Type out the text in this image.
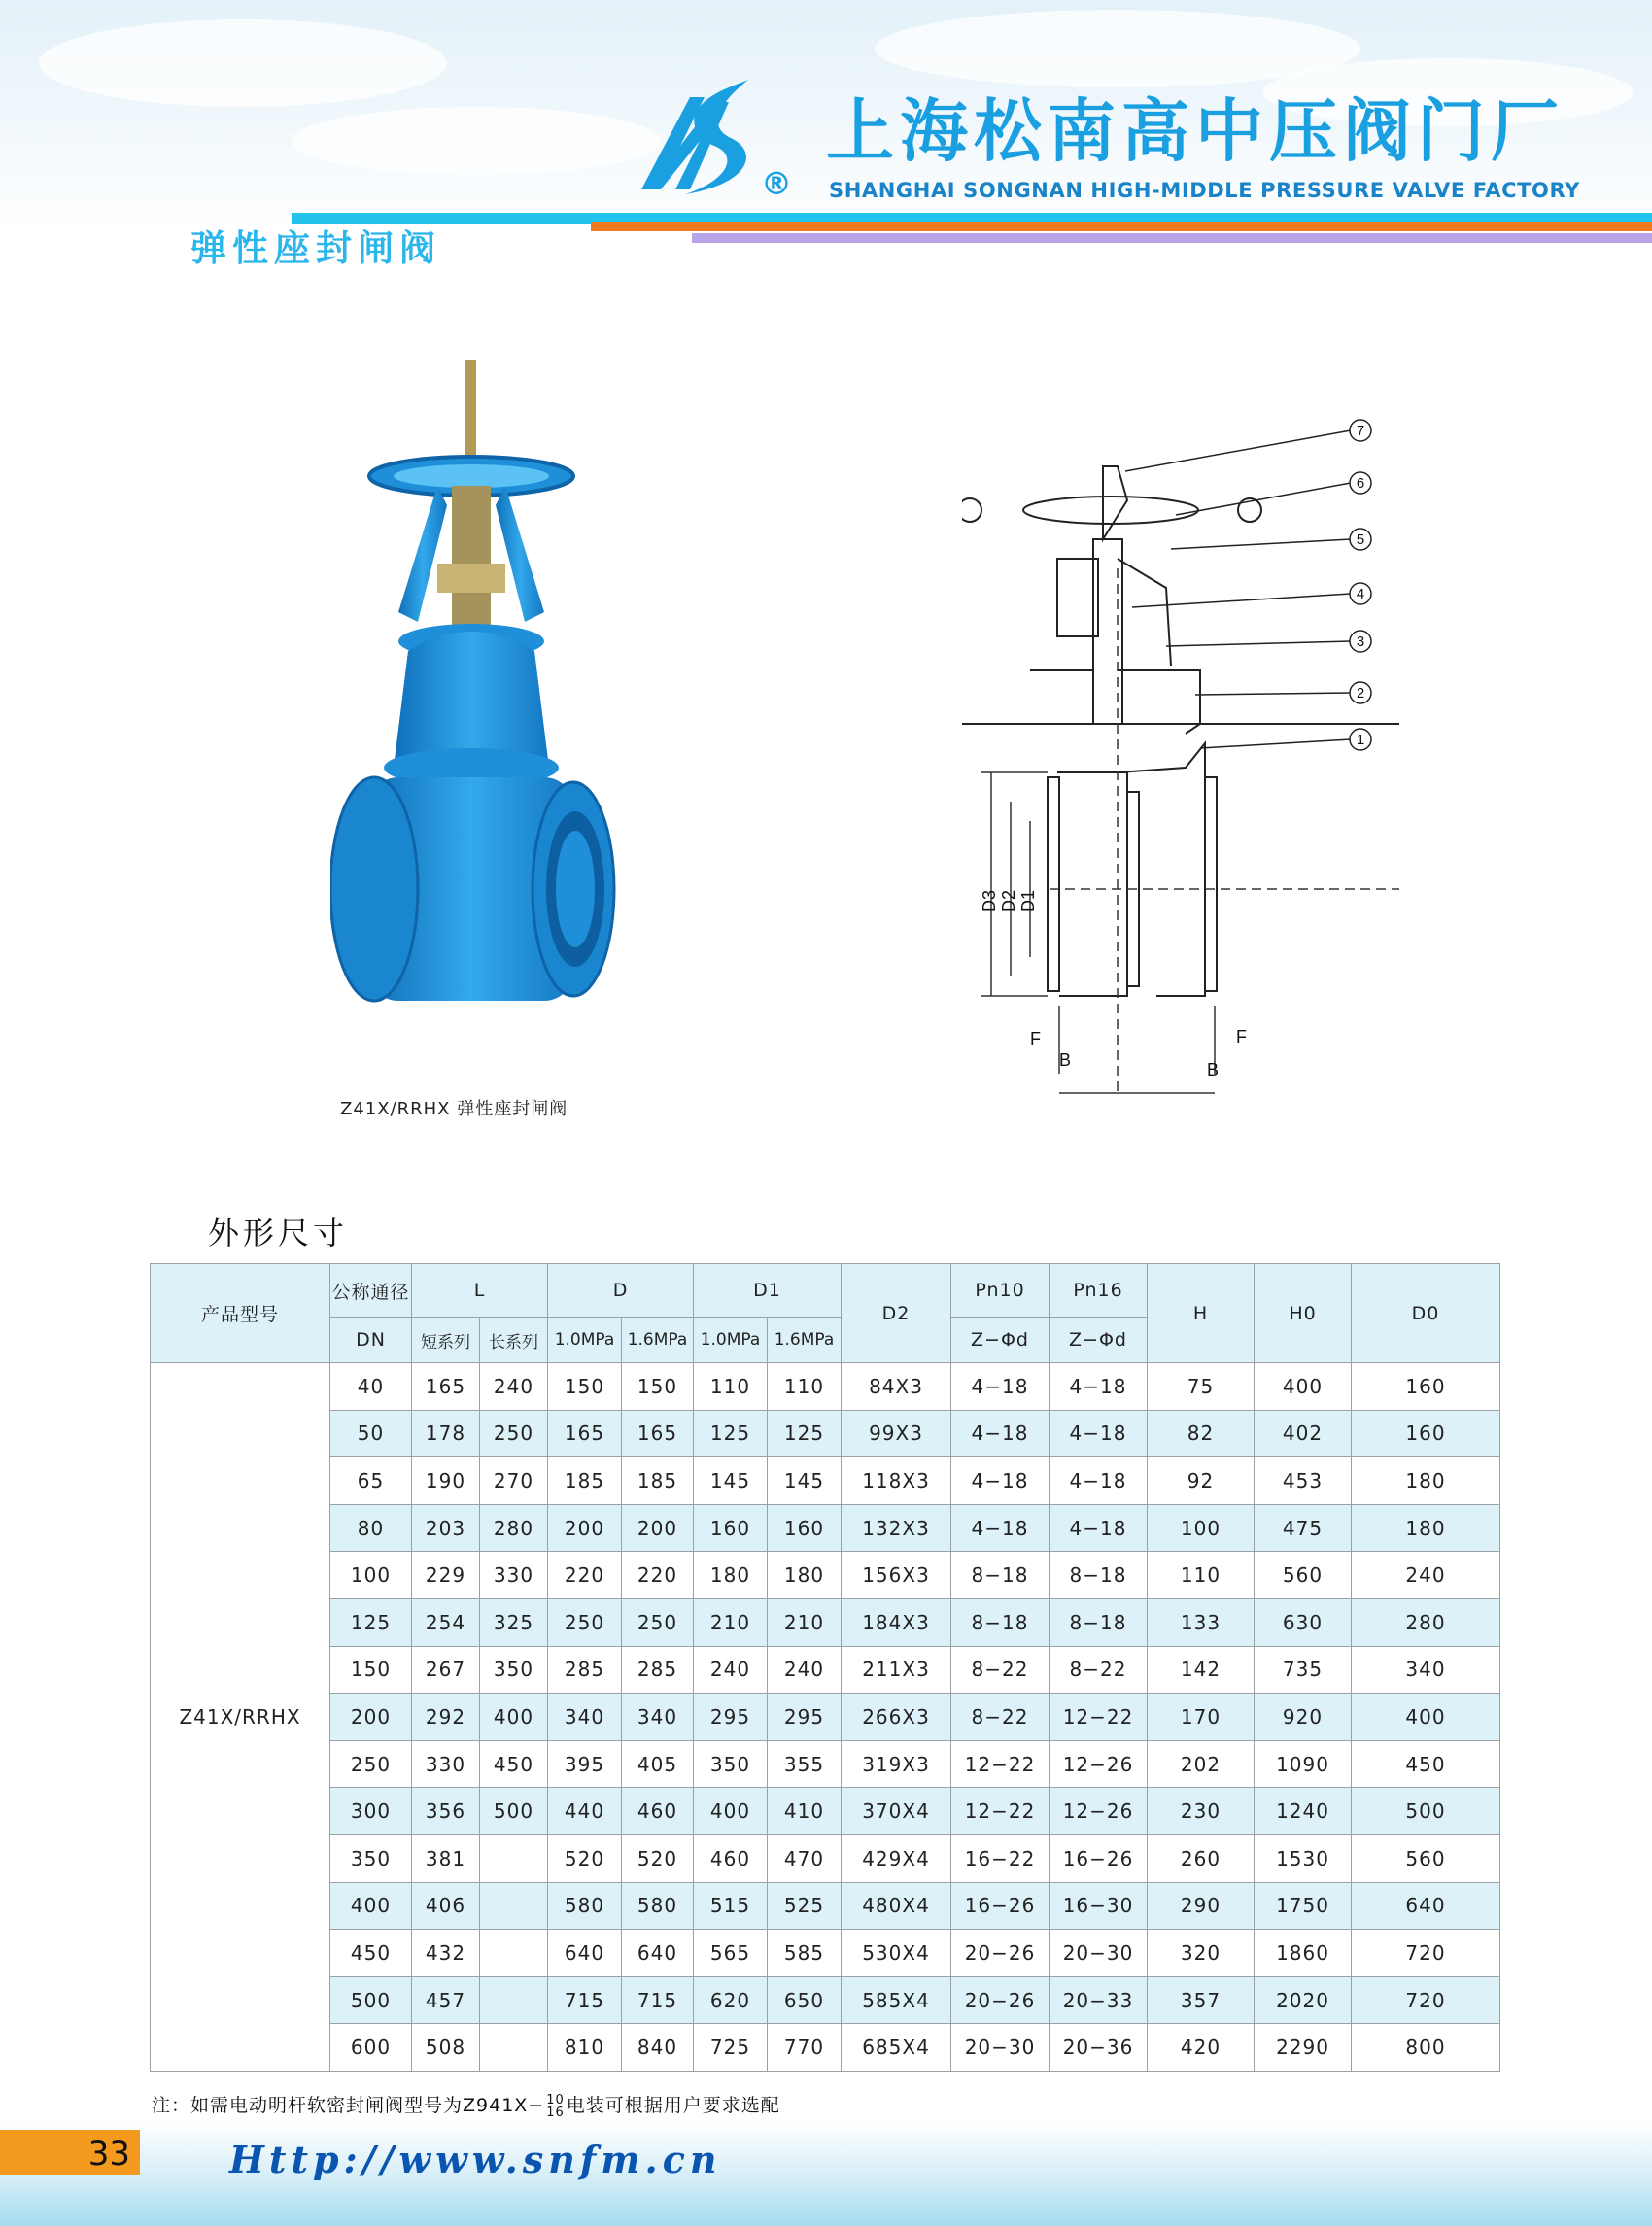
®
上海松南高中压阀门厂
SHANGHAI SONGNAN HIGH-MIDDLE PRESSURE VALVE FACTORY
弹性座封闸阀
Z41X/RRHX 弹性座封闸阀
7
6
5
4
3
2
1
D3 D2 D1
F
B
F
B
外形尺寸
产品型号	公称通径	L		D		D1		D2	Pn10	Pn16	H	H0	D0
	DN	短系列	长系列	1.0MPa	1.6MPa	1.0MPa	1.6MPa		Z−Φd	Z−Φd			
Z41X/RRHX	40	165	240	150	150	110	110	84X3	4−18	4−18	75	400	160
	50	178	250	165	165	125	125	99X3	4−18	4−18	82	402	160
	65	190	270	185	185	145	145	118X3	4−18	4−18	92	453	180
	80	203	280	200	200	160	160	132X3	4−18	4−18	100	475	180
	100	229	330	220	220	180	180	156X3	8−18	8−18	110	560	240
	125	254	325	250	250	210	210	184X3	8−18	8−18	133	630	280
	150	267	350	285	285	240	240	211X3	8−22	8−22	142	735	340
	200	292	400	340	340	295	295	266X3	8−22	12−22	170	920	400
	250	330	450	395	405	350	355	319X3	12−22	12−26	202	1090	450
	300	356	500	440	460	400	410	370X4	12−22	12−26	230	1240	500
	350	381		520	520	460	470	429X4	16−22	16−26	260	1530	560
	400	406		580	580	515	525	480X4	16−26	16−30	290	1750	640
	450	432		640	640	565	585	530X4	20−26	20−30	320	1860	720
	500	457		715	715	620	650	585X4	20−26	20−33	357	2020	720
	600	508		810	840	725	770	685X4	20−30	20−36	420	2290	800
注：如需电动明杆软密封闸阀型号为Z941X− 10
16 电装可根据用户要求选配
33	Http://www.snfm.cn
